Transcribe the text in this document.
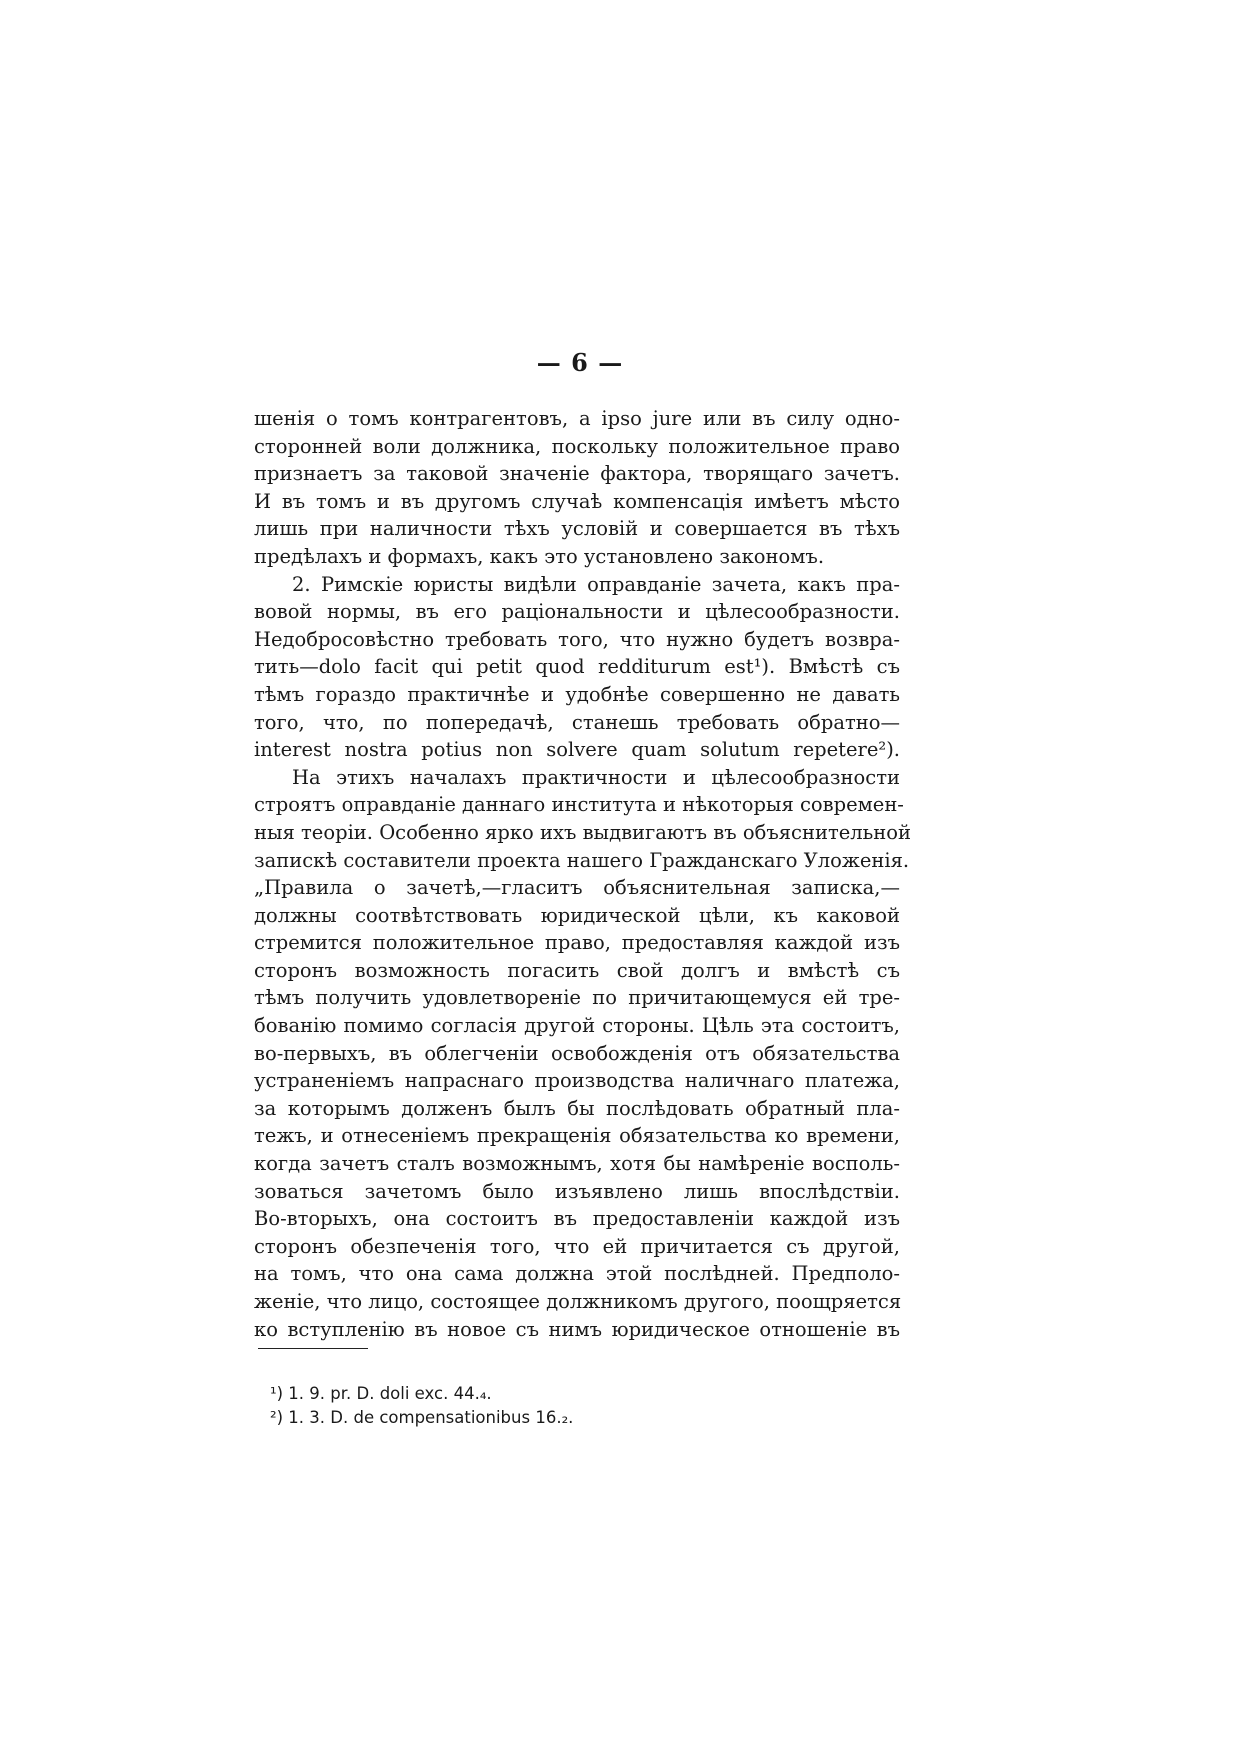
— 6 —
шенія о томъ контрагентовъ, а ipso jure или въ силу одно-
сторонней воли должника, поскольку положительное право
признаетъ за таковой значеніе фактора, творящаго зачетъ.
И въ томъ и въ другомъ случаѣ компенсація имѣетъ мѣсто
лишь при наличности тѣхъ условій и совершается въ тѣхъ
предѣлахъ и формахъ, какъ это установлено закономъ.
2. Римскіе юристы видѣли оправданіе зачета, какъ пра-
вовой нормы, въ его раціональности и цѣлесообразности.
Недобросовѣстно требовать того, что нужно будетъ возвра-
тить—dolo facit qui petit quod redditurum est¹). Вмѣстѣ съ
тѣмъ гораздо практичнѣе и удобнѣе совершенно не давать
того, что, по попередачѣ, станешь требовать обратно—
interest nostra potius non solvere quam solutum repetere²).
На этихъ началахъ практичности и цѣлесообразности
строятъ оправданіе даннаго института и нѣкоторыя современ-
ныя теоріи. Особенно ярко ихъ выдвигаютъ въ объяснительной
запискѣ составители проекта нашего Гражданскаго Уложенія.
„Правила о зачетѣ,—гласитъ объяснительная записка,—
должны соотвѣтствовать юридической цѣли, къ каковой
стремится положительное право, предоставляя каждой изъ
сторонъ возможность погасить свой долгъ и вмѣстѣ съ
тѣмъ получить удовлетвореніе по причитающемуся ей тре-
бованію помимо согласія другой стороны. Цѣль эта состоитъ,
во-первыхъ, въ облегченіи освобожденія отъ обязательства
устраненіемъ напраснаго производства наличнаго платежа,
за которымъ долженъ былъ бы послѣдовать обратный пла-
тежъ, и отнесеніемъ прекращенія обязательства ко времени,
когда зачетъ сталъ возможнымъ, хотя бы намѣреніе восполь-
зоваться зачетомъ было изъявлено лишь впослѣдствіи.
Во-вторыхъ, она состоитъ въ предоставленіи каждой изъ
сторонъ обезпеченія того, что ей причитается съ другой,
на томъ, что она сама должна этой послѣдней. Предполо-
женіе, что лицо, состоящее должникомъ другого, поощряется
ко вступленію въ новое съ нимъ юридическое отношеніе въ
¹) 1. 9. pr. D. doli exc. 44.₄.
²) 1. 3. D. de compensationibus 16.₂.
